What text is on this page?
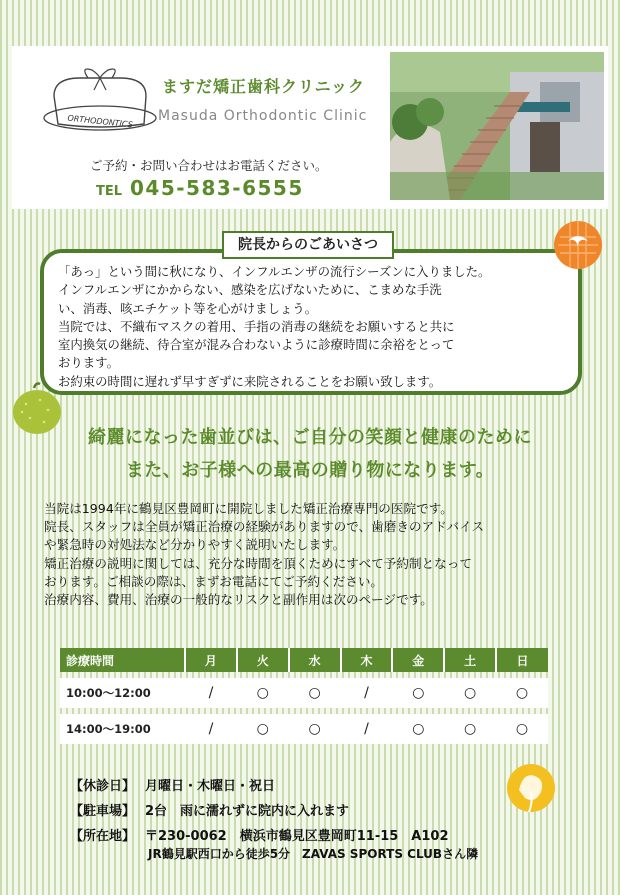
ORTHODONTICS
ますだ矯正歯科クリニック
Masuda Orthodontic Clinic
ご予約・お問い合わせはお電話ください。
TEL 045-583-6555
「あっ」という間に秋になり、インフルエンザの流行シーズンに入りました。
インフルエンザにかからない、感染を広げないために、こまめな手洗
い、消毒、咳エチケット等を心がけましょう。
当院では、不織布マスクの着用、手指の消毒の継続をお願いすると共に
室内換気の継続、待合室が混み合わないように診療時間に余裕をとって
おります。
お約束の時間に遅れず早すぎずに来院されることをお願い致します。
院長からのごあいさつ
綺麗になった歯並びは、ご自分の笑顔と健康のために
また、お子様への最高の贈り物になります。
当院は1994年に鶴見区豊岡町に開院しました矯正治療専門の医院です。
院長、スタッフは全員が矯正治療の経験がありますので、歯磨きのアドバイス
や緊急時の対処法など分かりやすく説明いたします。
矯正治療の説明に関しては、充分な時間を頂くためにすべて予約制となって
おります。ご相談の際は、まずお電話にてご予約ください。
治療内容、費用、治療の一般的なリスクと副作用は次のページです。
診療時間	月	火	水	木	金	土	日

10:00～12:00	/	○	○	/	○	○	○

14:00～19:00	/	○	○	/	○	○	○
【休診日】 月曜日・木曜日・祝日
【駐車場】 2台　雨に濡れずに院内に入れます
【所在地】 〒230-0062　横浜市鶴見区豊岡町11-15　A102
JR鶴見駅西口から徒歩5分　ZAVAS SPORTS CLUBさん隣
